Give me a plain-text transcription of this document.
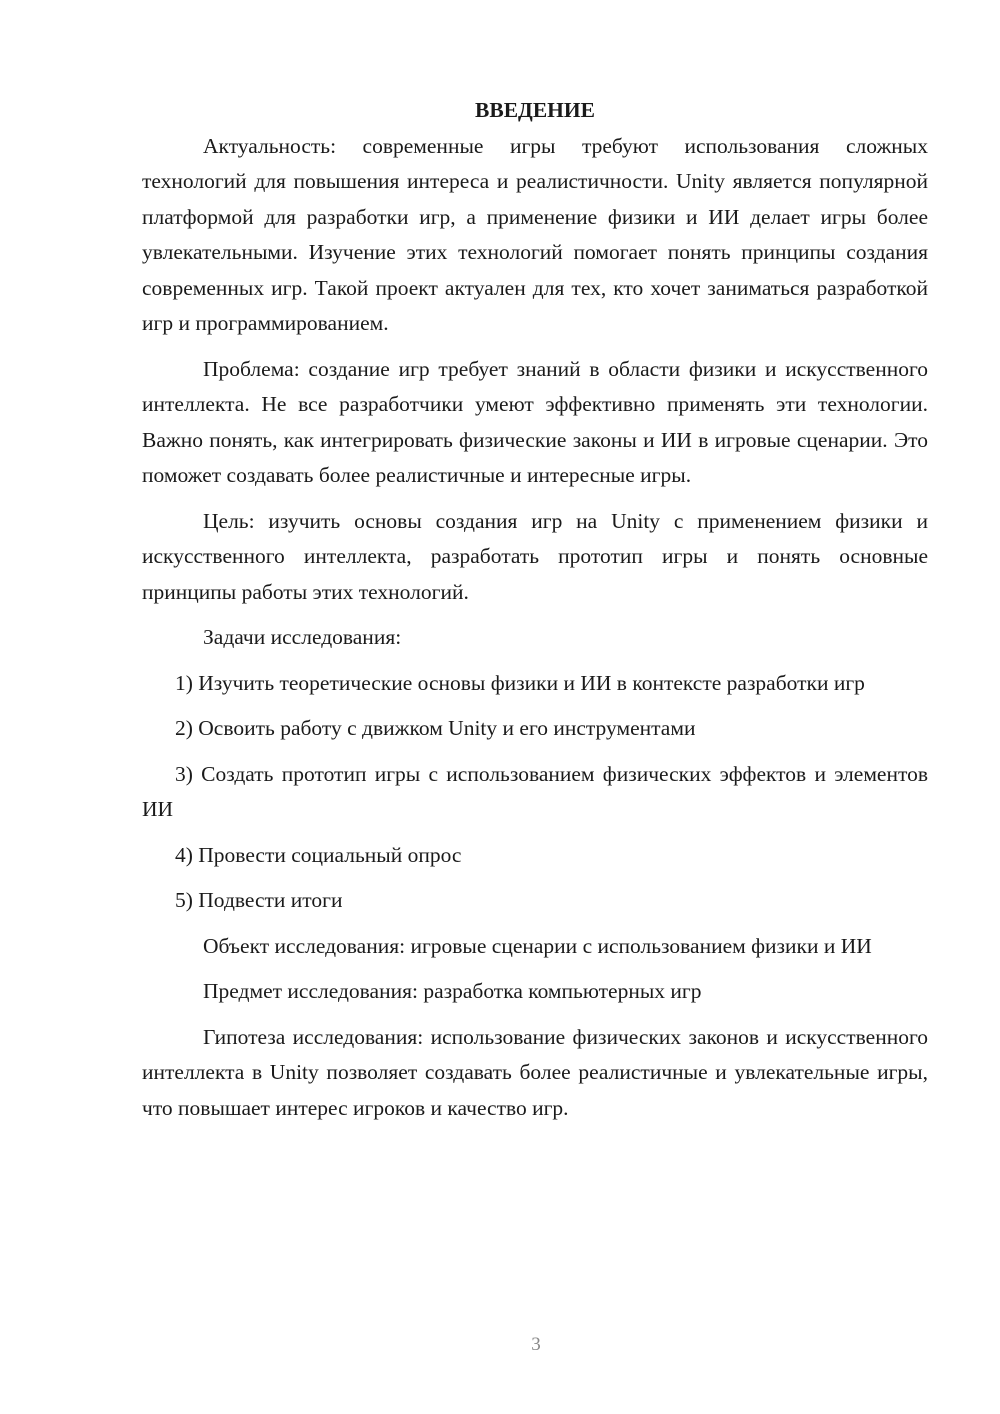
ВВЕДЕНИЕ

Актуальность: современные игры требуют использования сложных технологий для повышения интереса и реалистичности. Unity является популярной платформой для разработки игр, а применение физики и ИИ делает игры более увлекательными. Изучение этих технологий помогает понять принципы создания современных игр. Такой проект актуален для тех, кто хочет заниматься разработкой игр и программированием.

Проблема: создание игр требует знаний в области физики и искусственного интеллекта. Не все разработчики умеют эффективно применять эти технологии. Важно понять, как интегрировать физические законы и ИИ в игровые сценарии. Это поможет создавать более реалистичные и интересные игры.

Цель: изучить основы создания игр на Unity с применением физики и искусственного интеллекта, разработать прототип игры и понять основные принципы работы этих технологий.

Задачи исследования:

1) Изучить теоретические основы физики и ИИ в контексте разработки игр

2) Освоить работу с движком Unity и его инструментами

3) Создать прототип игры с использованием физических эффектов и элементов ИИ

4) Провести социальный опрос

5) Подвести итоги

Объект исследования: игровые сценарии с использованием физики и ИИ

Предмет исследования: разработка компьютерных игр

Гипотеза исследования: использование физических законов и искусственного интеллекта в Unity позволяет создавать более реалистичные и увлекательные игры, что повышает интерес игроков и качество игр.

3
